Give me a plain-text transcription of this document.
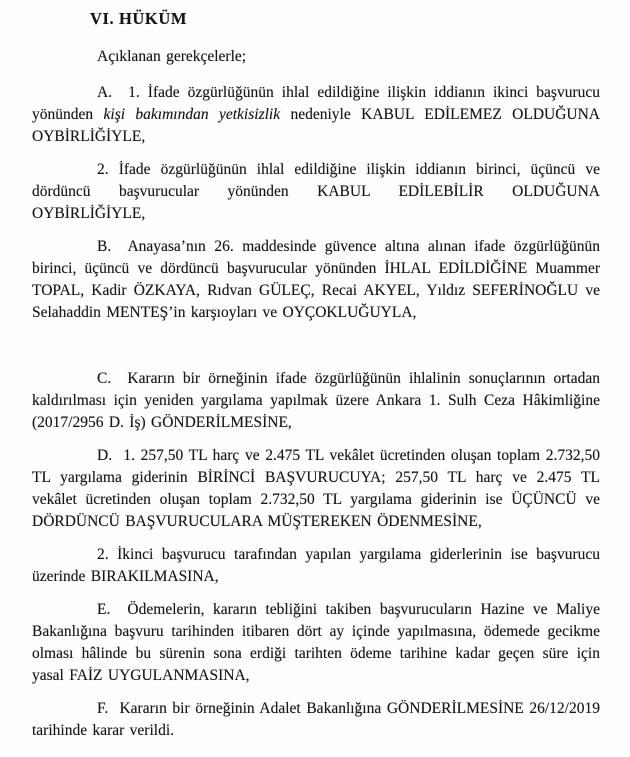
VI. HÜKÜM

Açıklanan gerekçelerle;

A.  1. İfade özgürlüğünün ihlal edildiğine ilişkin iddianın ikinci başvurucu yönünden kişi bakımından yetkisizlik nedeniyle KABUL EDİLEMEZ OLDUĞUNA OYBİRLİĞİYLE,

2. İfade özgürlüğünün ihlal edildiğine ilişkin iddianın birinci, üçüncü ve dördüncü başvurucular yönünden KABUL EDİLEBİLİR OLDUĞUNA OYBİRLİĞİYLE,

B.  Anayasa’nın 26. maddesinde güvence altına alınan ifade özgürlüğünün birinci, üçüncü ve dördüncü başvurucular yönünden İHLAL EDİLDİĞİNE Muammer TOPAL, Kadir ÖZKAYA, Rıdvan GÜLEÇ, Recai AKYEL, Yıldız SEFERİNOĞLU ve Selahaddin MENTEŞ’in karşıoyları ve OYÇOKLUĞUYLA,

C.  Kararın bir örneğinin ifade özgürlüğünün ihlalinin sonuçlarının ortadan kaldırılması için yeniden yargılama yapılmak üzere Ankara 1. Sulh Ceza Hâkimliğine (2017/2956 D. İş) GÖNDERİLMESİNE,

D.  1. 257,50 TL harç ve 2.475 TL vekâlet ücretinden oluşan toplam 2.732,50 TL yargılama giderinin BİRİNCİ BAŞVURUCUYA; 257,50 TL harç ve 2.475 TL vekâlet ücretinden oluşan toplam 2.732,50 TL yargılama giderinin ise ÜÇÜNCÜ ve DÖRDÜNCÜ BAŞVURUCULARA MÜŞTEREKEN ÖDENMESİNE,

2. İkinci başvurucu tarafından yapılan yargılama giderlerinin ise başvurucu üzerinde BIRAKILMASINA,

E.  Ödemelerin, kararın tebliğini takiben başvurucuların Hazine ve Maliye Bakanlığına başvuru tarihinden itibaren dört ay içinde yapılmasına, ödemede gecikme olması hâlinde bu sürenin sona erdiği tarihten ödeme tarihine kadar geçen süre için yasal FAİZ UYGULANMASINA,

F.  Kararın bir örneğinin Adalet Bakanlığına GÖNDERİLMESİNE 26/12/2019 tarihinde karar verildi.
